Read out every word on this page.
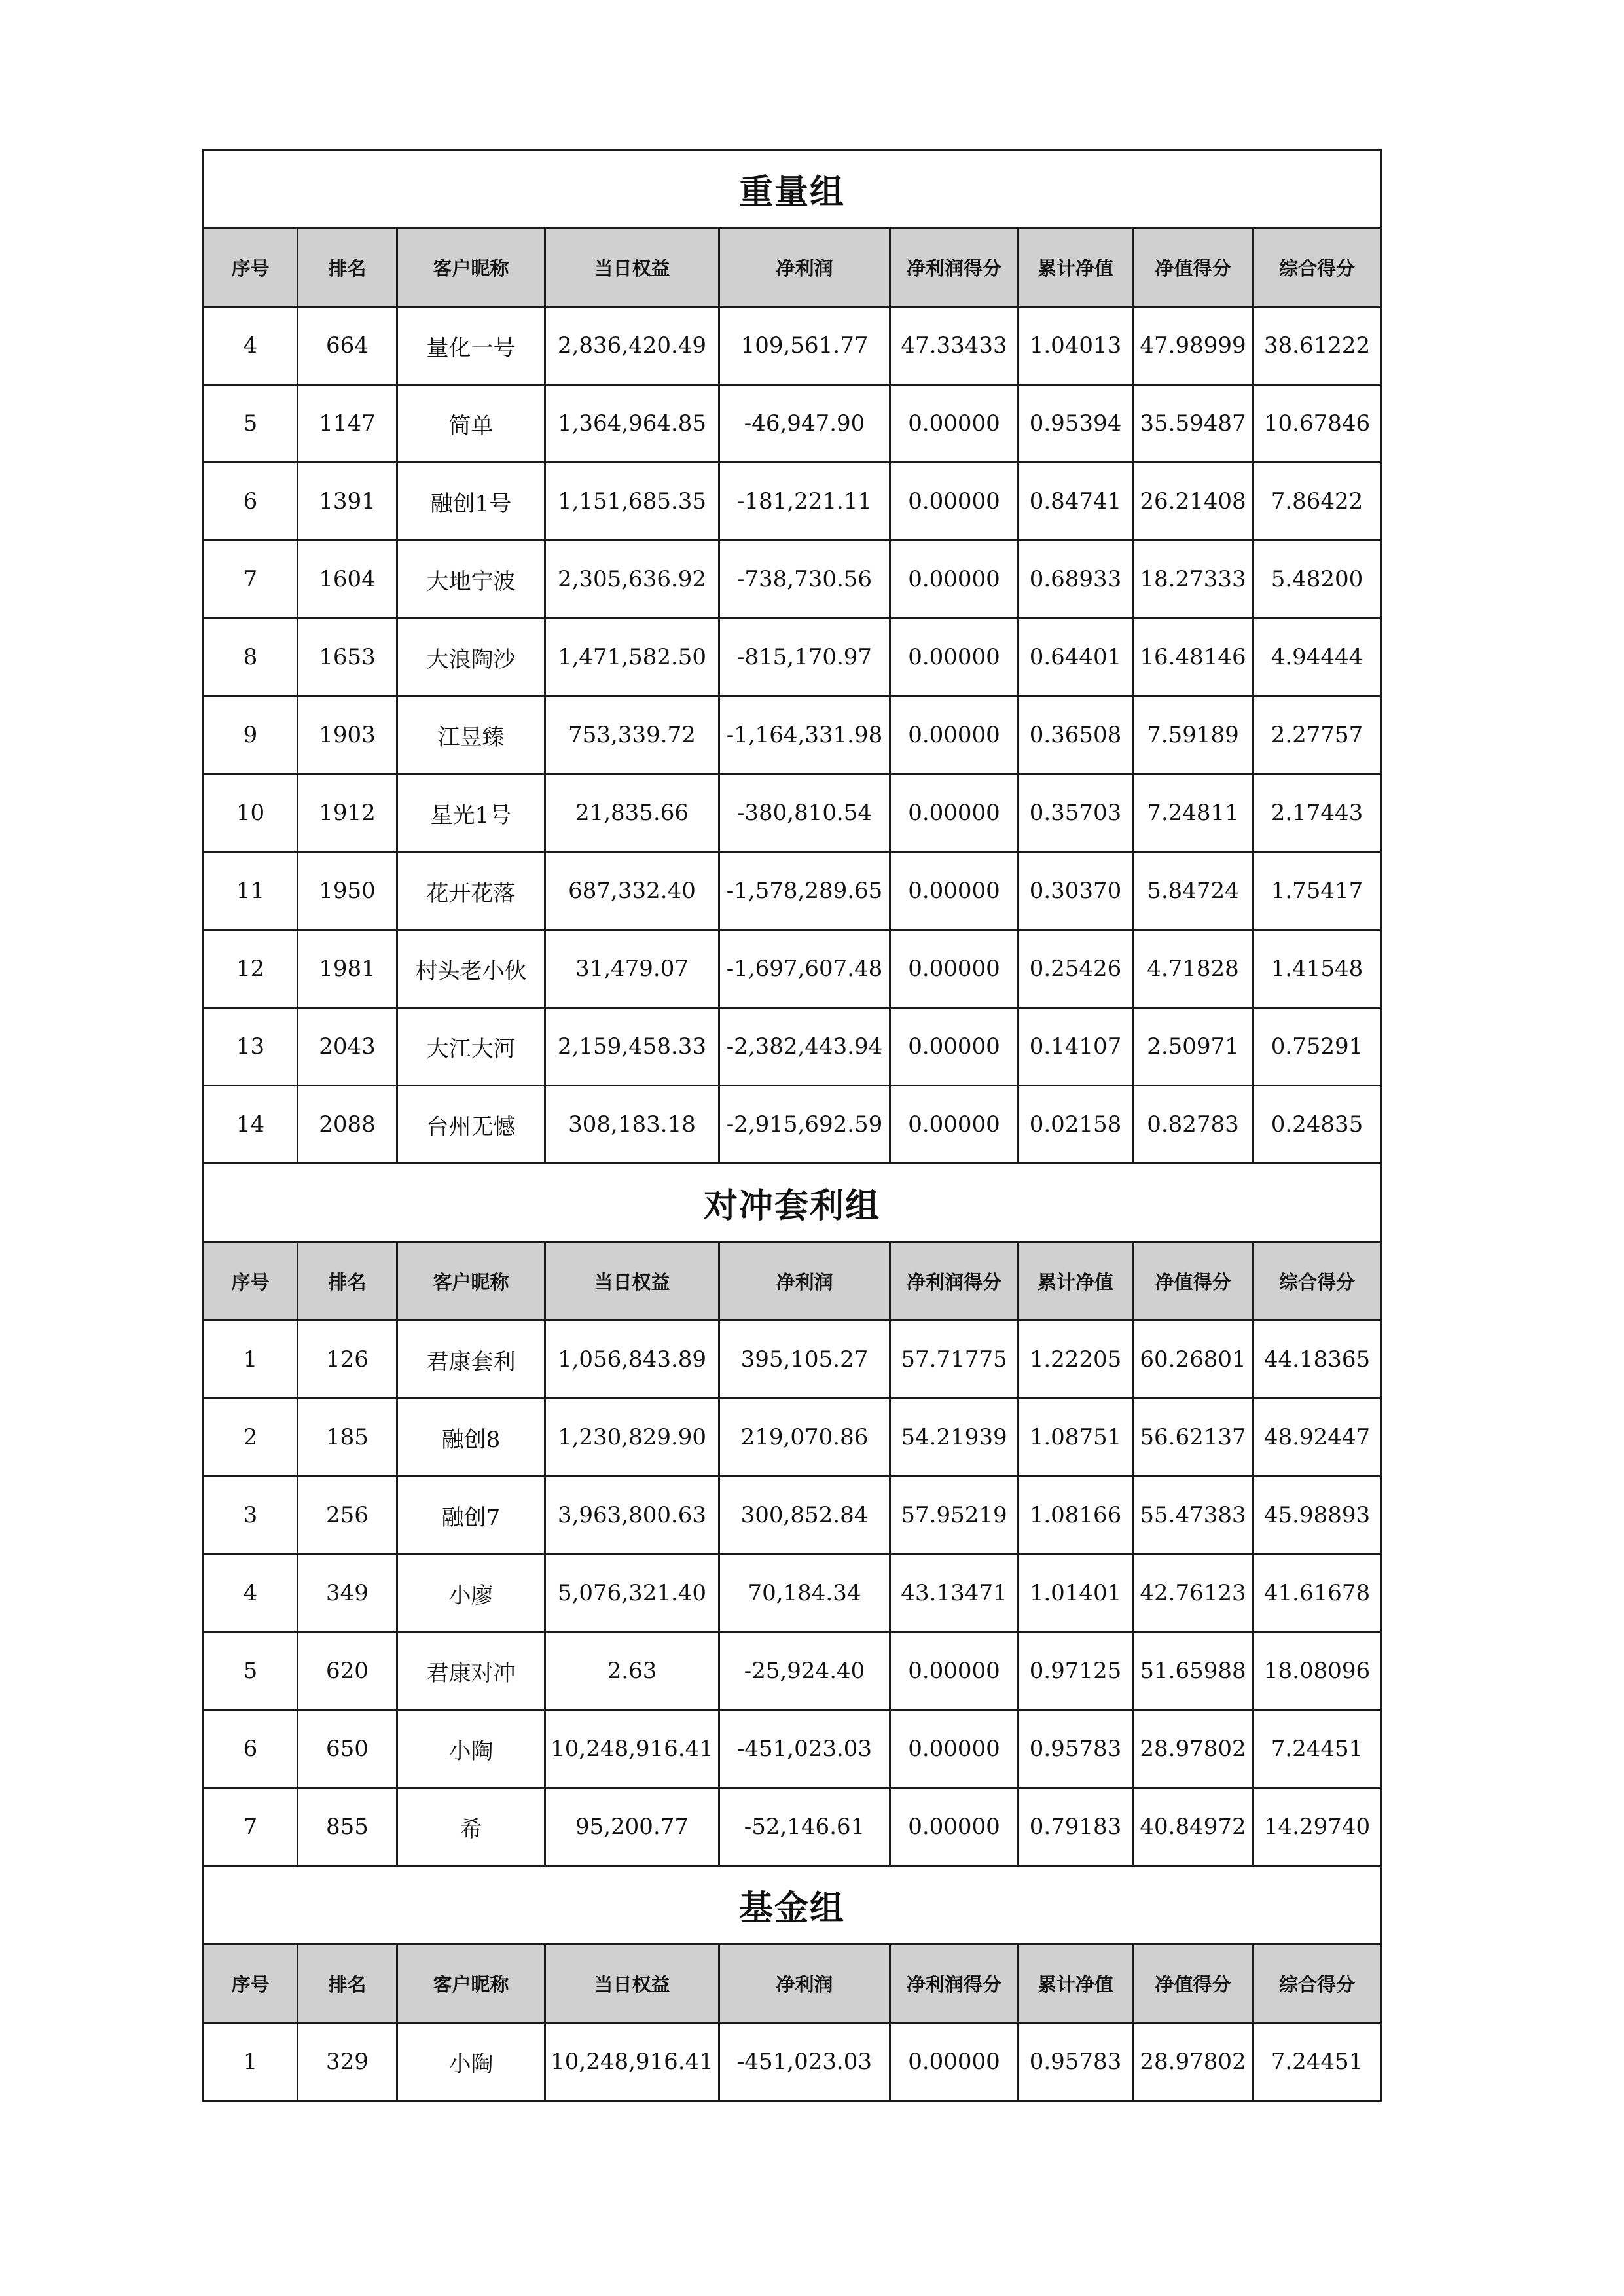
重量组								
序号	排名	客户昵称	当日权益	净利润	净利润得分	累计净值	净值得分	综合得分
4	664	量化一号	2,836,420.49	109,561.77	47.33433	1.04013	47.98999	38.61222
5	1147	简单	1,364,964.85	-46,947.90	0.00000	0.95394	35.59487	10.67846
6	1391	融创1号	1,151,685.35	-181,221.11	0.00000	0.84741	26.21408	7.86422
7	1604	大地宁波	2,305,636.92	-738,730.56	0.00000	0.68933	18.27333	5.48200
8	1653	大浪陶沙	1,471,582.50	-815,170.97	0.00000	0.64401	16.48146	4.94444
9	1903	江昱臻	753,339.72	-1,164,331.98	0.00000	0.36508	7.59189	2.27757
10	1912	星光1号	21,835.66	-380,810.54	0.00000	0.35703	7.24811	2.17443
11	1950	花开花落	687,332.40	-1,578,289.65	0.00000	0.30370	5.84724	1.75417
12	1981	村头老小伙	31,479.07	-1,697,607.48	0.00000	0.25426	4.71828	1.41548
13	2043	大江大河	2,159,458.33	-2,382,443.94	0.00000	0.14107	2.50971	0.75291
14	2088	台州无憾	308,183.18	-2,915,692.59	0.00000	0.02158	0.82783	0.24835
对冲套利组								
序号	排名	客户昵称	当日权益	净利润	净利润得分	累计净值	净值得分	综合得分
1	126	君康套利	1,056,843.89	395,105.27	57.71775	1.22205	60.26801	44.18365
2	185	融创8	1,230,829.90	219,070.86	54.21939	1.08751	56.62137	48.92447
3	256	融创7	3,963,800.63	300,852.84	57.95219	1.08166	55.47383	45.98893
4	349	小廖	5,076,321.40	70,184.34	43.13471	1.01401	42.76123	41.61678
5	620	君康对冲	2.63	-25,924.40	0.00000	0.97125	51.65988	18.08096
6	650	小陶	10,248,916.41	-451,023.03	0.00000	0.95783	28.97802	7.24451
7	855	希	95,200.77	-52,146.61	0.00000	0.79183	40.84972	14.29740
基金组								
序号	排名	客户昵称	当日权益	净利润	净利润得分	累计净值	净值得分	综合得分
1	329	小陶	10,248,916.41	-451,023.03	0.00000	0.95783	28.97802	7.24451
